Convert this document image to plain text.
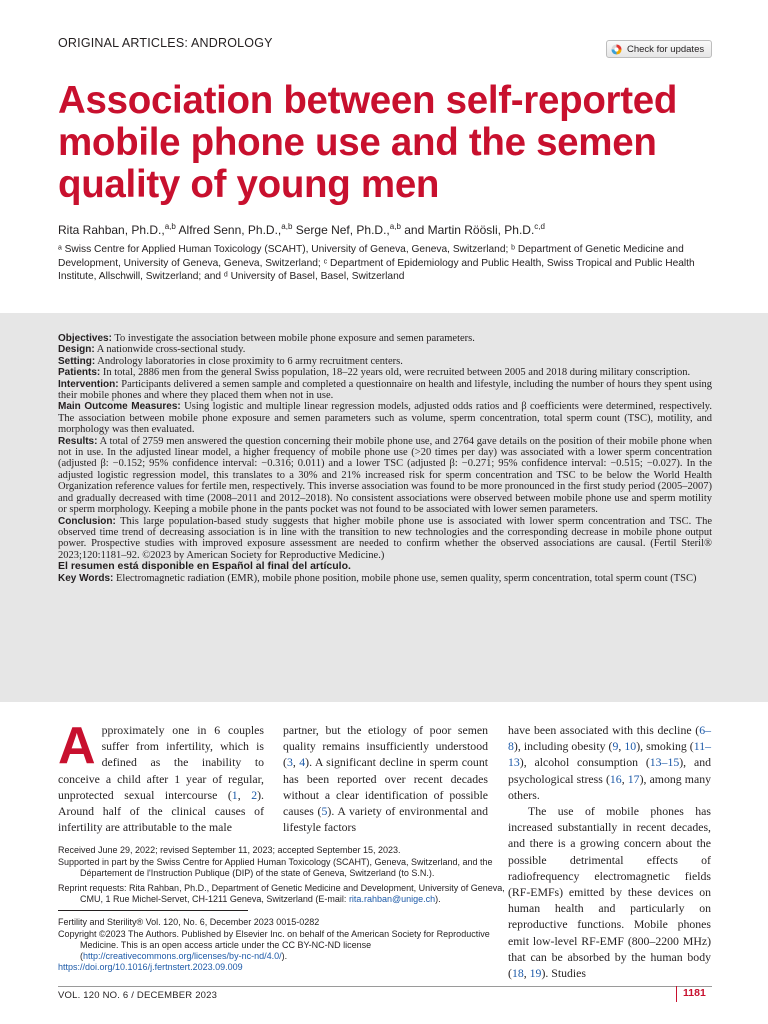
ORIGINAL ARTICLES: ANDROLOGY	Check for updates
Association between self-reported mobile phone use and the semen quality of young men
Rita Rahban, Ph.D.,$^{a,b}$ Alfred Senn, Ph.D.,$^{a,b}$ Serge Nef, Ph.D.,$^{a,b}$ and Martin Röösli, Ph.D.$^{c,d}$
ᵃ Swiss Centre for Applied Human Toxicology (SCAHT), University of Geneva, Geneva, Switzerland; ᵇ Department of Genetic Medicine and Development, University of Geneva, Geneva, Switzerland; ᶜ Department of Epidemiology and Public Health, Swiss Tropical and Public Health Institute, Allschwill, Switzerland; and ᵈ University of Basel, Basel, Switzerland

Objectives: To investigate the association between mobile phone exposure and semen parameters.

Design: A nationwide cross-sectional study.

Setting: Andrology laboratories in close proximity to 6 army recruitment centers.

Patients: In total, 2886 men from the general Swiss population, 18–22 years old, were recruited between 2005 and 2018 during military conscription.

Intervention: Participants delivered a semen sample and completed a questionnaire on health and lifestyle, including the number of hours they spent using their mobile phones and where they placed them when not in use.

Main Outcome Measures: Using logistic and multiple linear regression models, adjusted odds ratios and β coefficients were determined, respectively. The association between mobile phone exposure and semen parameters such as volume, sperm concentration, total sperm count (TSC), motility, and morphology was then evaluated.

Results: A total of 2759 men answered the question concerning their mobile phone use, and 2764 gave details on the position of their mobile phone when not in use. In the adjusted linear model, a higher frequency of mobile phone use (>20 times per day) was associated with a lower sperm concentration (adjusted β: −0.152; 95% confidence interval: −0.316; 0.011) and a lower TSC (adjusted β: −0.271; 95% confidence interval: −0.515; −0.027). In the adjusted logistic regression model, this translates to a 30% and 21% increased risk for sperm concentration and TSC to be below the World Health Organization reference values for fertile men, respectively. This inverse association was found to be more pronounced in the first study period (2005–2007) and gradually decreased with time (2008–2011 and 2012–2018). No consistent associations were observed between mobile phone use and sperm motility or sperm morphology. Keeping a mobile phone in the pants pocket was not found to be associated with lower semen parameters.

Conclusion: This large population-based study suggests that higher mobile phone use is associated with lower sperm concentration and TSC. The observed time trend of decreasing association is in line with the transition to new technologies and the corresponding decrease in mobile phone output power. Prospective studies with improved exposure assessment are needed to confirm whether the observed associations are causal. (Fertil Steril® 2023;120:1181–92. ©2023 by American Society for Reproductive Medicine.)

El resumen está disponible en Español al final del artículo.

Key Words: Electromagnetic radiation (EMR), mobile phone position, mobile phone use, semen quality, sperm concentration, total sperm count (TSC)

Approximately one in 6 couples suffer from infertility, which is defined as the inability to conceive a child after 1 year of regular, unprotected sexual intercourse (1, 2). Around half of the clinical causes of infertility are attributable to the male
partner, but the etiology of poor semen quality remains insufficiently understood (3, 4). A significant decline in sperm count has been reported over recent decades without a clear identification of possible causes (5). A variety of environmental and lifestyle factors
have been associated with this decline (6–8), including obesity (9, 10), smoking (11–13), alcohol consumption (13–15), and psychological stress (16, 17), among many others.
The use of mobile phones has increased substantially in recent decades, and there is a growing concern about the possible detrimental effects of radiofrequency electromagnetic fields (RF-EMFs) emitted by these devices on human health and particularly on reproductive functions. Mobile phones emit low-level RF-EMF (800–2200 MHz) that can be absorbed by the human body (18, 19). Studies
Received June 29, 2022; revised September 11, 2023; accepted September 15, 2023.
Supported in part by the Swiss Centre for Applied Human Toxicology (SCAHT), Geneva, Switzerland, and the Département de l'Instruction Publique (DIP) of the state of Geneva, Switzerland (to S.N.).
Reprint requests: Rita Rahban, Ph.D., Department of Genetic Medicine and Development, University of Geneva, CMU, 1 Rue Michel-Servet, CH-1211 Geneva, Switzerland (E-mail: rita.rahban@unige.ch).
Fertility and Sterility® Vol. 120, No. 6, December 2023 0015-0282
Copyright ©2023 The Authors. Published by Elsevier Inc. on behalf of the American Society for Reproductive Medicine. This is an open access article under the CC BY-NC-ND license (http://creativecommons.org/licenses/by-nc-nd/4.0/).
https://doi.org/10.1016/j.fertnstert.2023.09.009
VOL. 120 NO. 6 / DECEMBER 2023	1181
